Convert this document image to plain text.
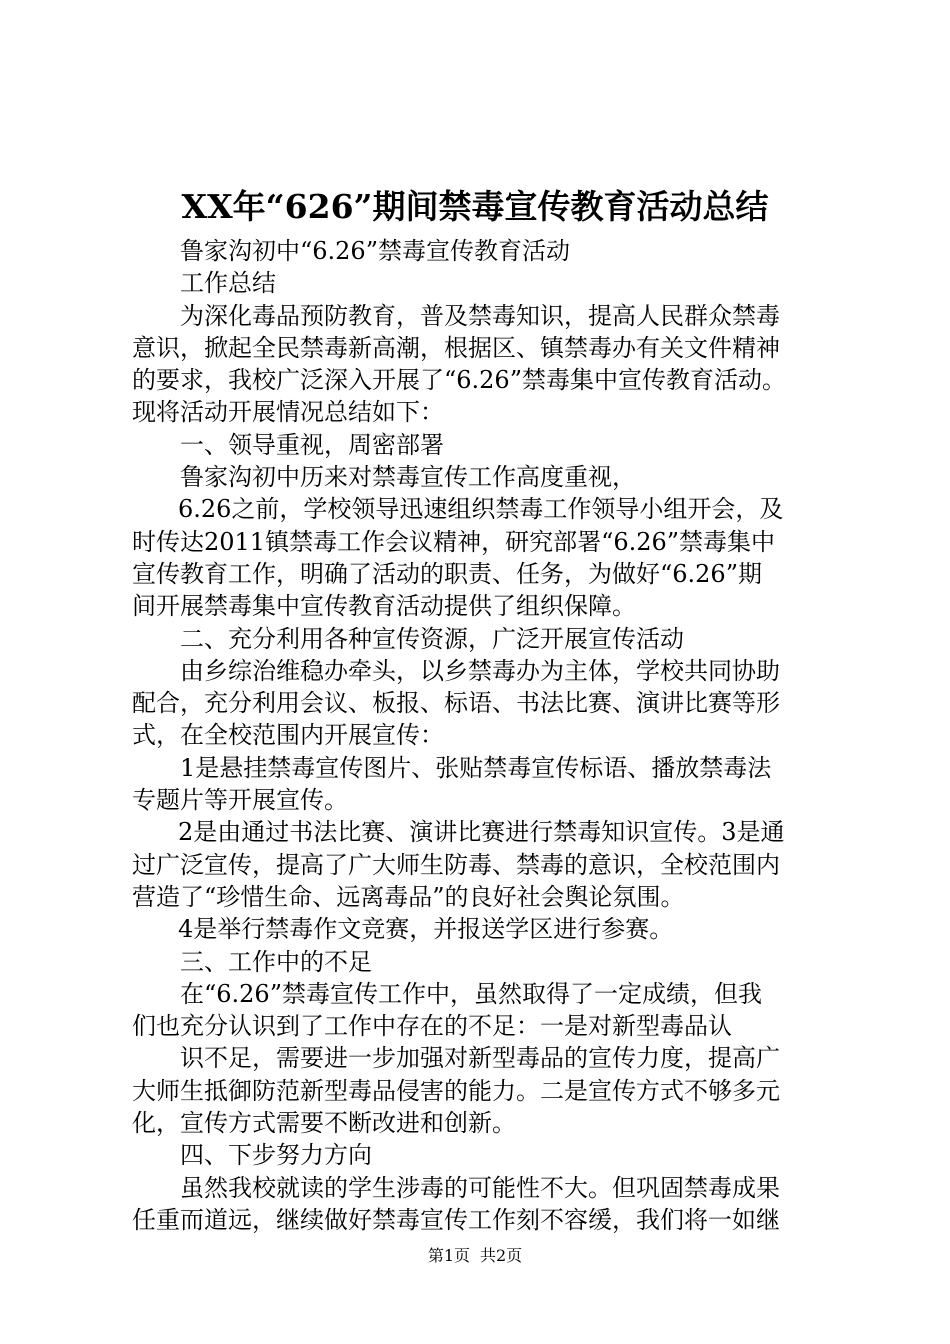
XX年“626”期间禁毒宣传教育活动总结
鲁家沟初中“6.26”禁毒宣传教育活动
工作总结
为深化毒品预防教育，普及禁毒知识，提高人民群众禁毒
意识，掀起全民禁毒新高潮，根据区、镇禁毒办有关文件精神
的要求，我校广泛深入开展了“6.26”禁毒集中宣传教育活动。
现将活动开展情况总结如下：
一、领导重视，周密部署
鲁家沟初中历来对禁毒宣传工作高度重视，
6.26之前，学校领导迅速组织禁毒工作领导小组开会，及
时传达2011镇禁毒工作会议精神，研究部署“6.26”禁毒集中
宣传教育工作，明确了活动的职责、任务，为做好“6.26”期
间开展禁毒集中宣传教育活动提供了组织保障。
二、充分利用各种宣传资源，广泛开展宣传活动
由乡综治维稳办牵头，以乡禁毒办为主体，学校共同协助
配合，充分利用会议、板报、标语、书法比赛、演讲比赛等形
式，在全校范围内开展宣传：
1是悬挂禁毒宣传图片、张贴禁毒宣传标语、播放禁毒法
专题片等开展宣传。
2是由通过书法比赛、演讲比赛进行禁毒知识宣传。3是通
过广泛宣传，提高了广大师生防毒、禁毒的意识，全校范围内
营造了“珍惜生命、远离毒品”的良好社会舆论氛围。
4是举行禁毒作文竞赛，并报送学区进行参赛。
三、工作中的不足
在“6.26”禁毒宣传工作中，虽然取得了一定成绩，但我
们也充分认识到了工作中存在的不足：一是对新型毒品认
识不足，需要进一步加强对新型毒品的宣传力度，提高广
大师生抵御防范新型毒品侵害的能力。二是宣传方式不够多元
化，宣传方式需要不断改进和创新。
四、下步努力方向
虽然我校就读的学生涉毒的可能性不大。但巩固禁毒成果
任重而道远，继续做好禁毒宣传工作刻不容缓，我们将一如继
第1页 共2页
